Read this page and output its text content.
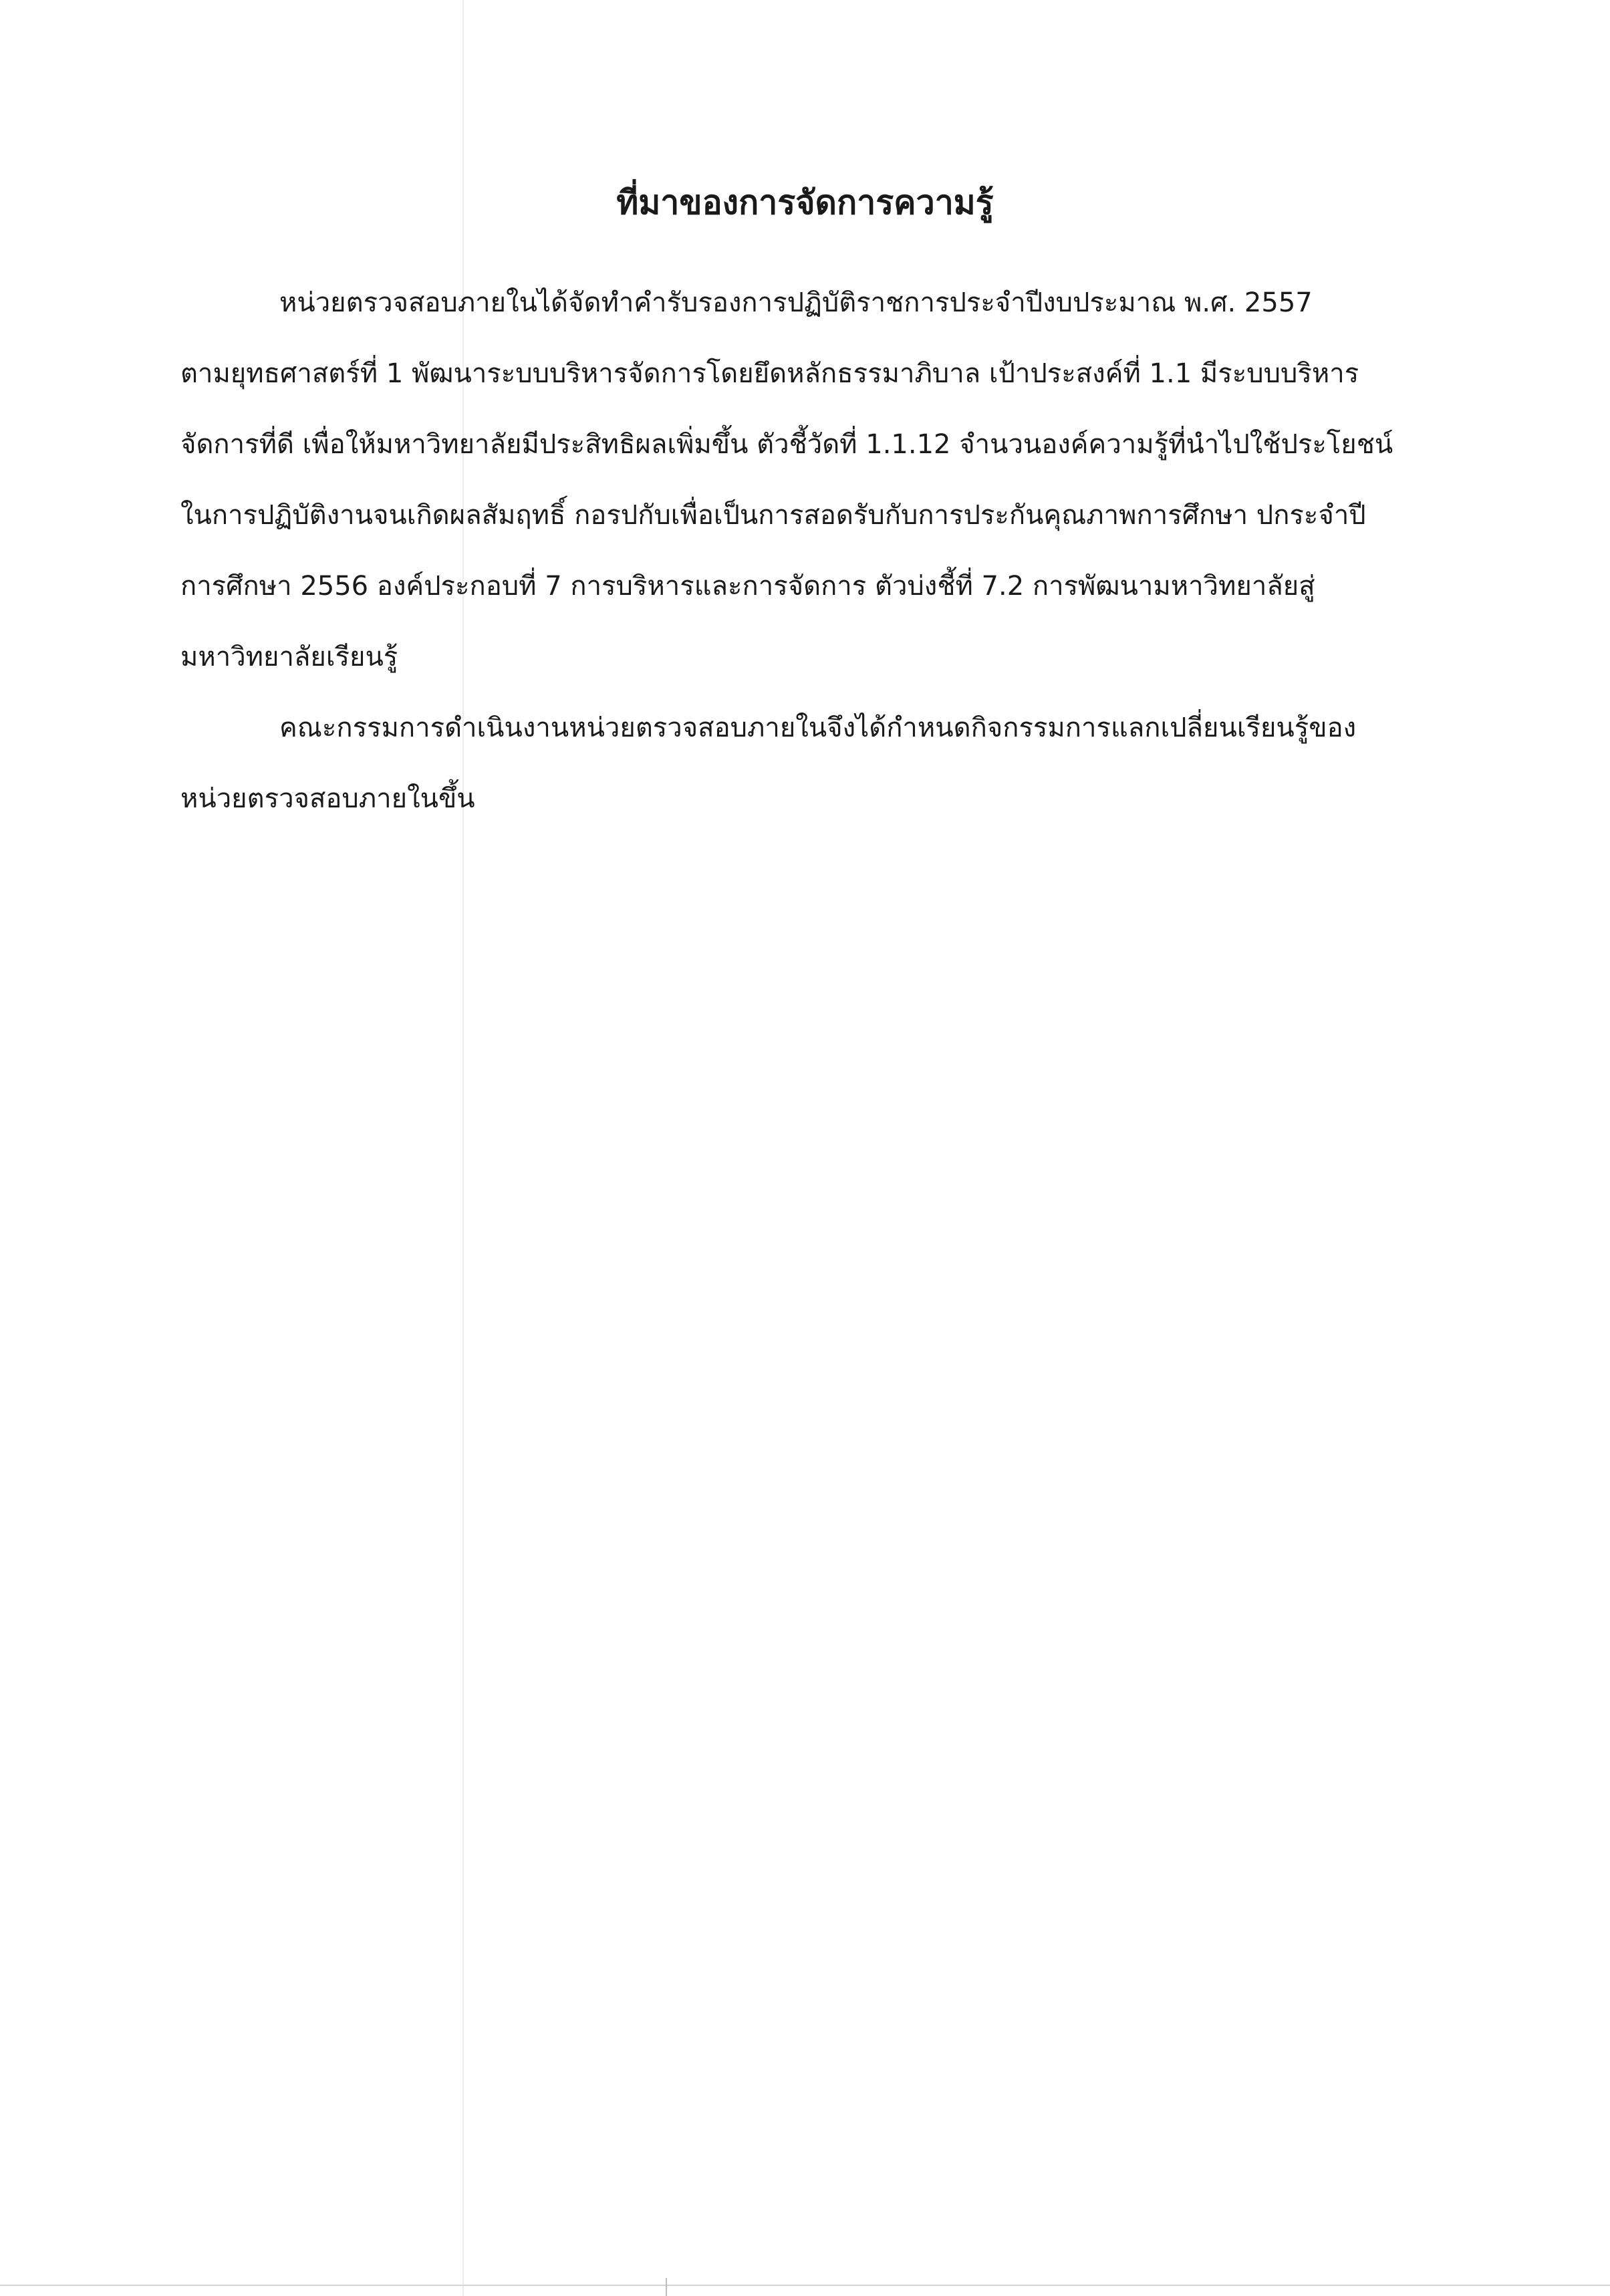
ที่มาของการจัดการความรู้
หน่วยตรวจสอบภายในได้จัดทำคำรับรองการปฏิบัติราชการประจำปีงบประมาณ พ.ศ. 2557
ตามยุทธศาสตร์ที่ 1 พัฒนาระบบบริหารจัดการโดยยึดหลักธรรมาภิบาล เป้าประสงค์ที่ 1.1 มีระบบบริหาร
จัดการที่ดี เพื่อให้มหาวิทยาลัยมีประสิทธิผลเพิ่มขึ้น ตัวชี้วัดที่ 1.1.12 จำนวนองค์ความรู้ที่นำไปใช้ประโยชน์
ในการปฏิบัติงานจนเกิดผลสัมฤทธิ์ กอรปกับเพื่อเป็นการสอดรับกับการประกันคุณภาพการศึกษา ปกระจำปี
การศึกษา 2556 องค์ประกอบที่ 7 การบริหารและการจัดการ ตัวบ่งชี้ที่ 7.2 การพัฒนามหาวิทยาลัยสู่
มหาวิทยาลัยเรียนรู้
คณะกรรมการดำเนินงานหน่วยตรวจสอบภายในจึงได้กำหนดกิจกรรมการแลกเปลี่ยนเรียนรู้ของ
หน่วยตรวจสอบภายในขึ้น
